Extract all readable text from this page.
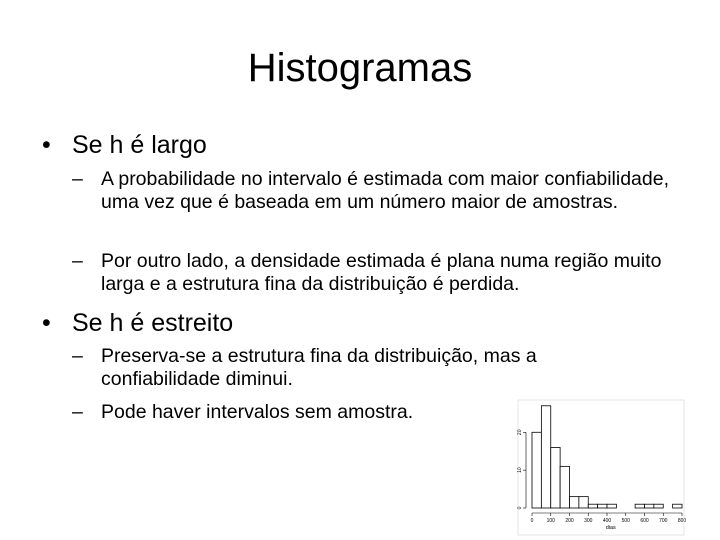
Histogramas
• Se h é largo
– A probabilidade no intervalo é estimada com maior confiabilidade, uma vez que é baseada em um número maior de amostras.
– Por outro lado, a densidade estimada é plana numa região muito larga e a estrutura fina da distribuição é perdida.
• Se h é estreito
– Preserva-se a estrutura fina da distribuição, mas a confiabilidade diminui.
– Pode haver intervalos sem amostra.
0
10
20
0	100 200 300 400 500 600 700 800
dias
